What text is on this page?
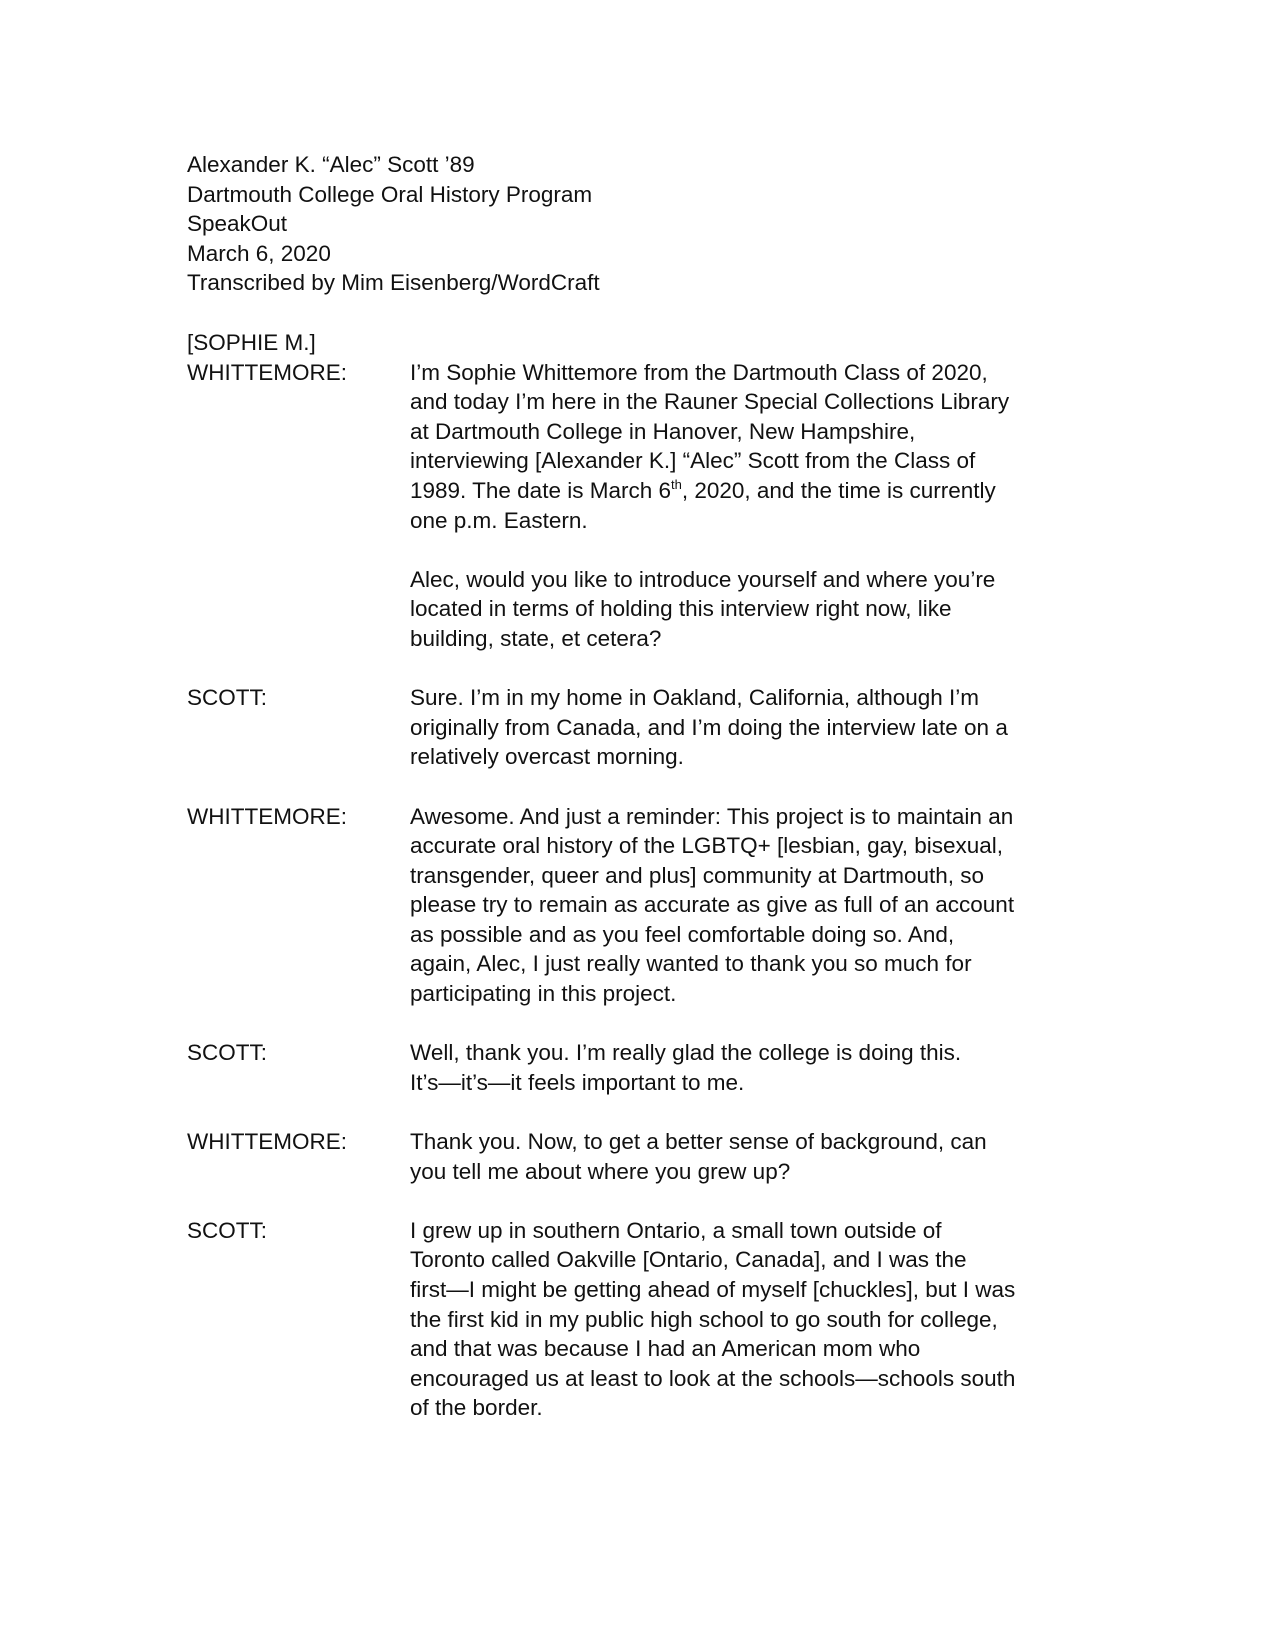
Alexander K. “Alec” Scott ’89
Dartmouth College Oral History Program
SpeakOut
March 6, 2020
Transcribed by Mim Eisenberg/WordCraft
[SOPHIE M.]
WHITTEMORE:	I’m Sophie Whittemore from the Dartmouth Class of 2020,
and today I’m here in the Rauner Special Collections Library
at Dartmouth College in Hanover, New Hampshire,
interviewing [Alexander K.] “Alec” Scott from the Class of
1989. The date is March 6th, 2020, and the time is currently
one p.m. Eastern.
Alec, would you like to introduce yourself and where you’re
located in terms of holding this interview right now, like
building, state, et cetera?
SCOTT:	Sure. I’m in my home in Oakland, California, although I’m
originally from Canada, and I’m doing the interview late on a
relatively overcast morning.
WHITTEMORE:	Awesome. And just a reminder: This project is to maintain an
accurate oral history of the LGBTQ+ [lesbian, gay, bisexual,
transgender, queer and plus] community at Dartmouth, so
please try to remain as accurate as give as full of an account
as possible and as you feel comfortable doing so. And,
again, Alec, I just really wanted to thank you so much for
participating in this project.
SCOTT:	Well, thank you. I’m really glad the college is doing this.
It’s—it’s—it feels important to me.
WHITTEMORE:	Thank you. Now, to get a better sense of background, can
you tell me about where you grew up?
SCOTT:	I grew up in southern Ontario, a small town outside of
Toronto called Oakville [Ontario, Canada], and I was the
first—I might be getting ahead of myself [chuckles], but I was
the first kid in my public high school to go south for college,
and that was because I had an American mom who
encouraged us at least to look at the schools—schools south
of the border.
